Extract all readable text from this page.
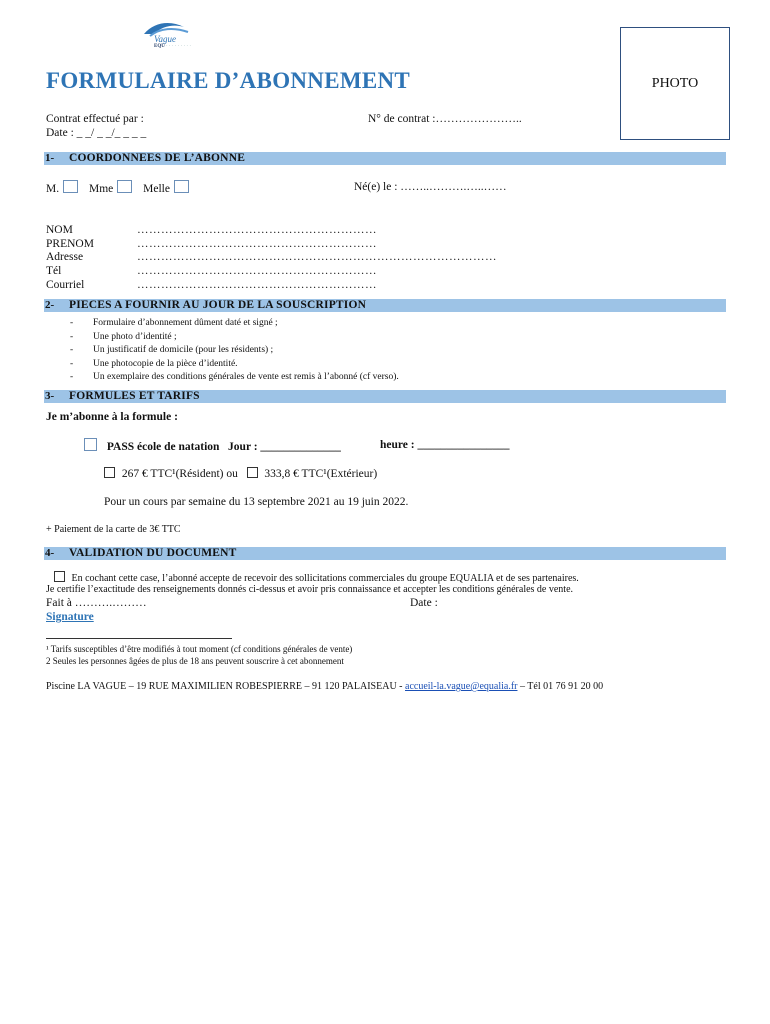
Vague
EQU · · · · · · · · ·
PHOTO
FORMULAIRE D’ABONNEMENT
Contrat effectué par :	N° de contrat :…………………..
Date : _ _/ _ _/_ _ _ _
1- COORDONNEES DE L’ABONNE
M.	Mme	Melle	Né(e) le : ……..……….…..……
NOM	……………………………………………………
PRENOM	……………………………………………………
Adresse	………………………………………………………………………………
Tél	……………………………………………………
Courriel	……………………………………………………
2- PIECES A FOURNIR AU JOUR DE LA SOUSCRIPTION
- Formulaire d’abonnement dûment daté et signé ;
- Une photo d’identité ;
- Un justificatif de domicile (pour les résidents) ;
- Une photocopie de la pièce d’identité.
- Un exemplaire des conditions générales de vente est remis à l’abonné (cf verso).
3- FORMULES ET TARIFS
Je m’abonne à la formule :
PASS école de natation Jour : ______________	heure : ________________
267 € TTC¹(Résident) ou 333,8 € TTC¹(Extérieur)
Pour un cours par semaine du 13 septembre 2021 au 19 juin 2022.
+ Paiement de la carte de 3€ TTC
4- VALIDATION DU DOCUMENT
En cochant cette case, l’abonné accepte de recevoir des sollicitations commerciales du groupe EQUALIA et de ses partenaires.
Je certifie l’exactitude des renseignements donnés ci-dessus et avoir pris connaissance et accepter les conditions générales de vente.
Fait à ……….………	Date :
Signature
¹ Tarifs susceptibles d’être modifiés à tout moment (cf conditions générales de vente)
2 Seules les personnes âgées de plus de 18 ans peuvent souscrire à cet abonnement
Piscine LA VAGUE – 19 RUE MAXIMILIEN ROBESPIERRE – 91 120 PALAISEAU - accueil-la.vague@equalia.fr – Tél 01 76 91 20 00
